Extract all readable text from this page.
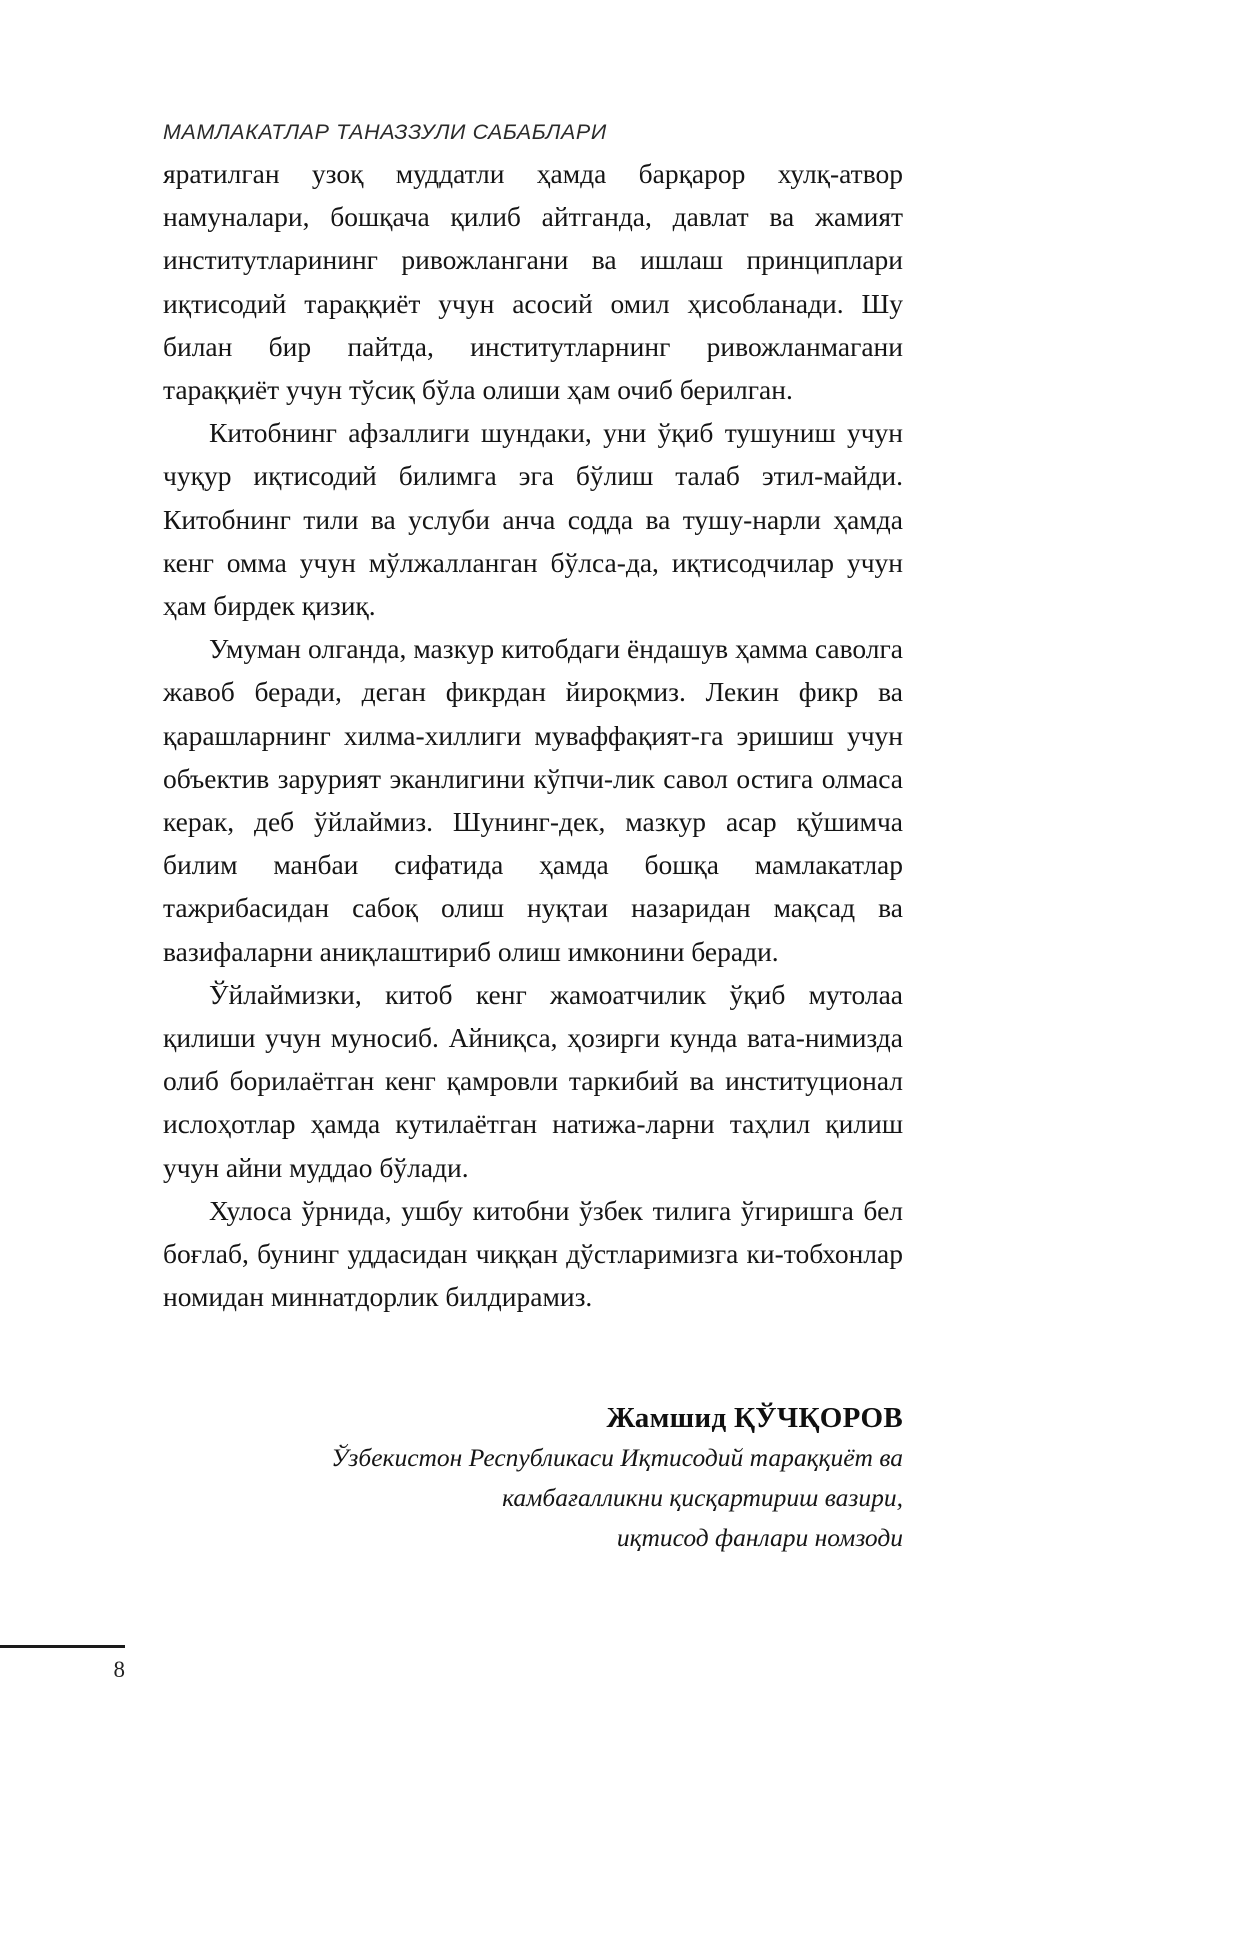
МАМЛАКАТЛАР ТАНАЗЗУЛИ САБАБЛАРИ

яратилган узоқ муддатли ҳамда барқарор хулқ-атвор намуналари, бошқача қилиб айтганда, давлат ва жамият институтларининг ривожлангани ва ишлаш принциплари иқтисодий тараққиёт учун асосий омил ҳисобланади. Шу билан бир пайтда, институтларнинг ривожланмагани тараққиёт учун тўсиқ бўла олиши ҳам очиб берилган.

Китобнинг афзаллиги шундаки, уни ўқиб тушуниш учун чуқур иқтисодий билимга эга бўлиш талаб этил-майди. Китобнинг тили ва услуби анча содда ва тушу-нарли ҳамда кенг омма учун мўлжалланган бўлса-да, иқтисодчилар учун ҳам бирдек қизиқ.

Умуман олганда, мазкур китобдаги ёндашув ҳамма саволга жавоб беради, деган фикрдан йироқмиз. Лекин фикр ва қарашларнинг хилма-хиллиги муваффақият-га эришиш учун объектив зарурият эканлигини кўпчи-лик савол остига олмаса керак, деб ўйлаймиз. Шунинг-дек, мазкур асар қўшимча билим манбаи сифатида ҳамда бошқа мамлакатлар тажрибасидан сабоқ олиш нуқтаи назаридан мақсад ва вазифаларни аниқлаштириб олиш имконини беради.

Ўйлаймизки, китоб кенг жамоатчилик ўқиб мутолаа қилиши учун муносиб. Айниқса, ҳозирги кунда вата-нимизда олиб борилаётган кенг қамровли таркибий ва институционал ислоҳотлар ҳамда кутилаётган натижа-ларни таҳлил қилиш учун айни муддао бўлади.

Хулоса ўрнида, ушбу китобни ўзбек тилига ўгиришга бел боғлаб, бунинг уддасидан чиққан дўстларимизга ки-тобхонлар номидан миннатдорлик билдирамиз.

Жамшид ҚЎЧҚОРОВ
Ўзбекистон Республикаси Иқтисодий тараққиёт ва
камбағалликни қисқартириш вазири,
иқтисод фанлари номзоди
8
